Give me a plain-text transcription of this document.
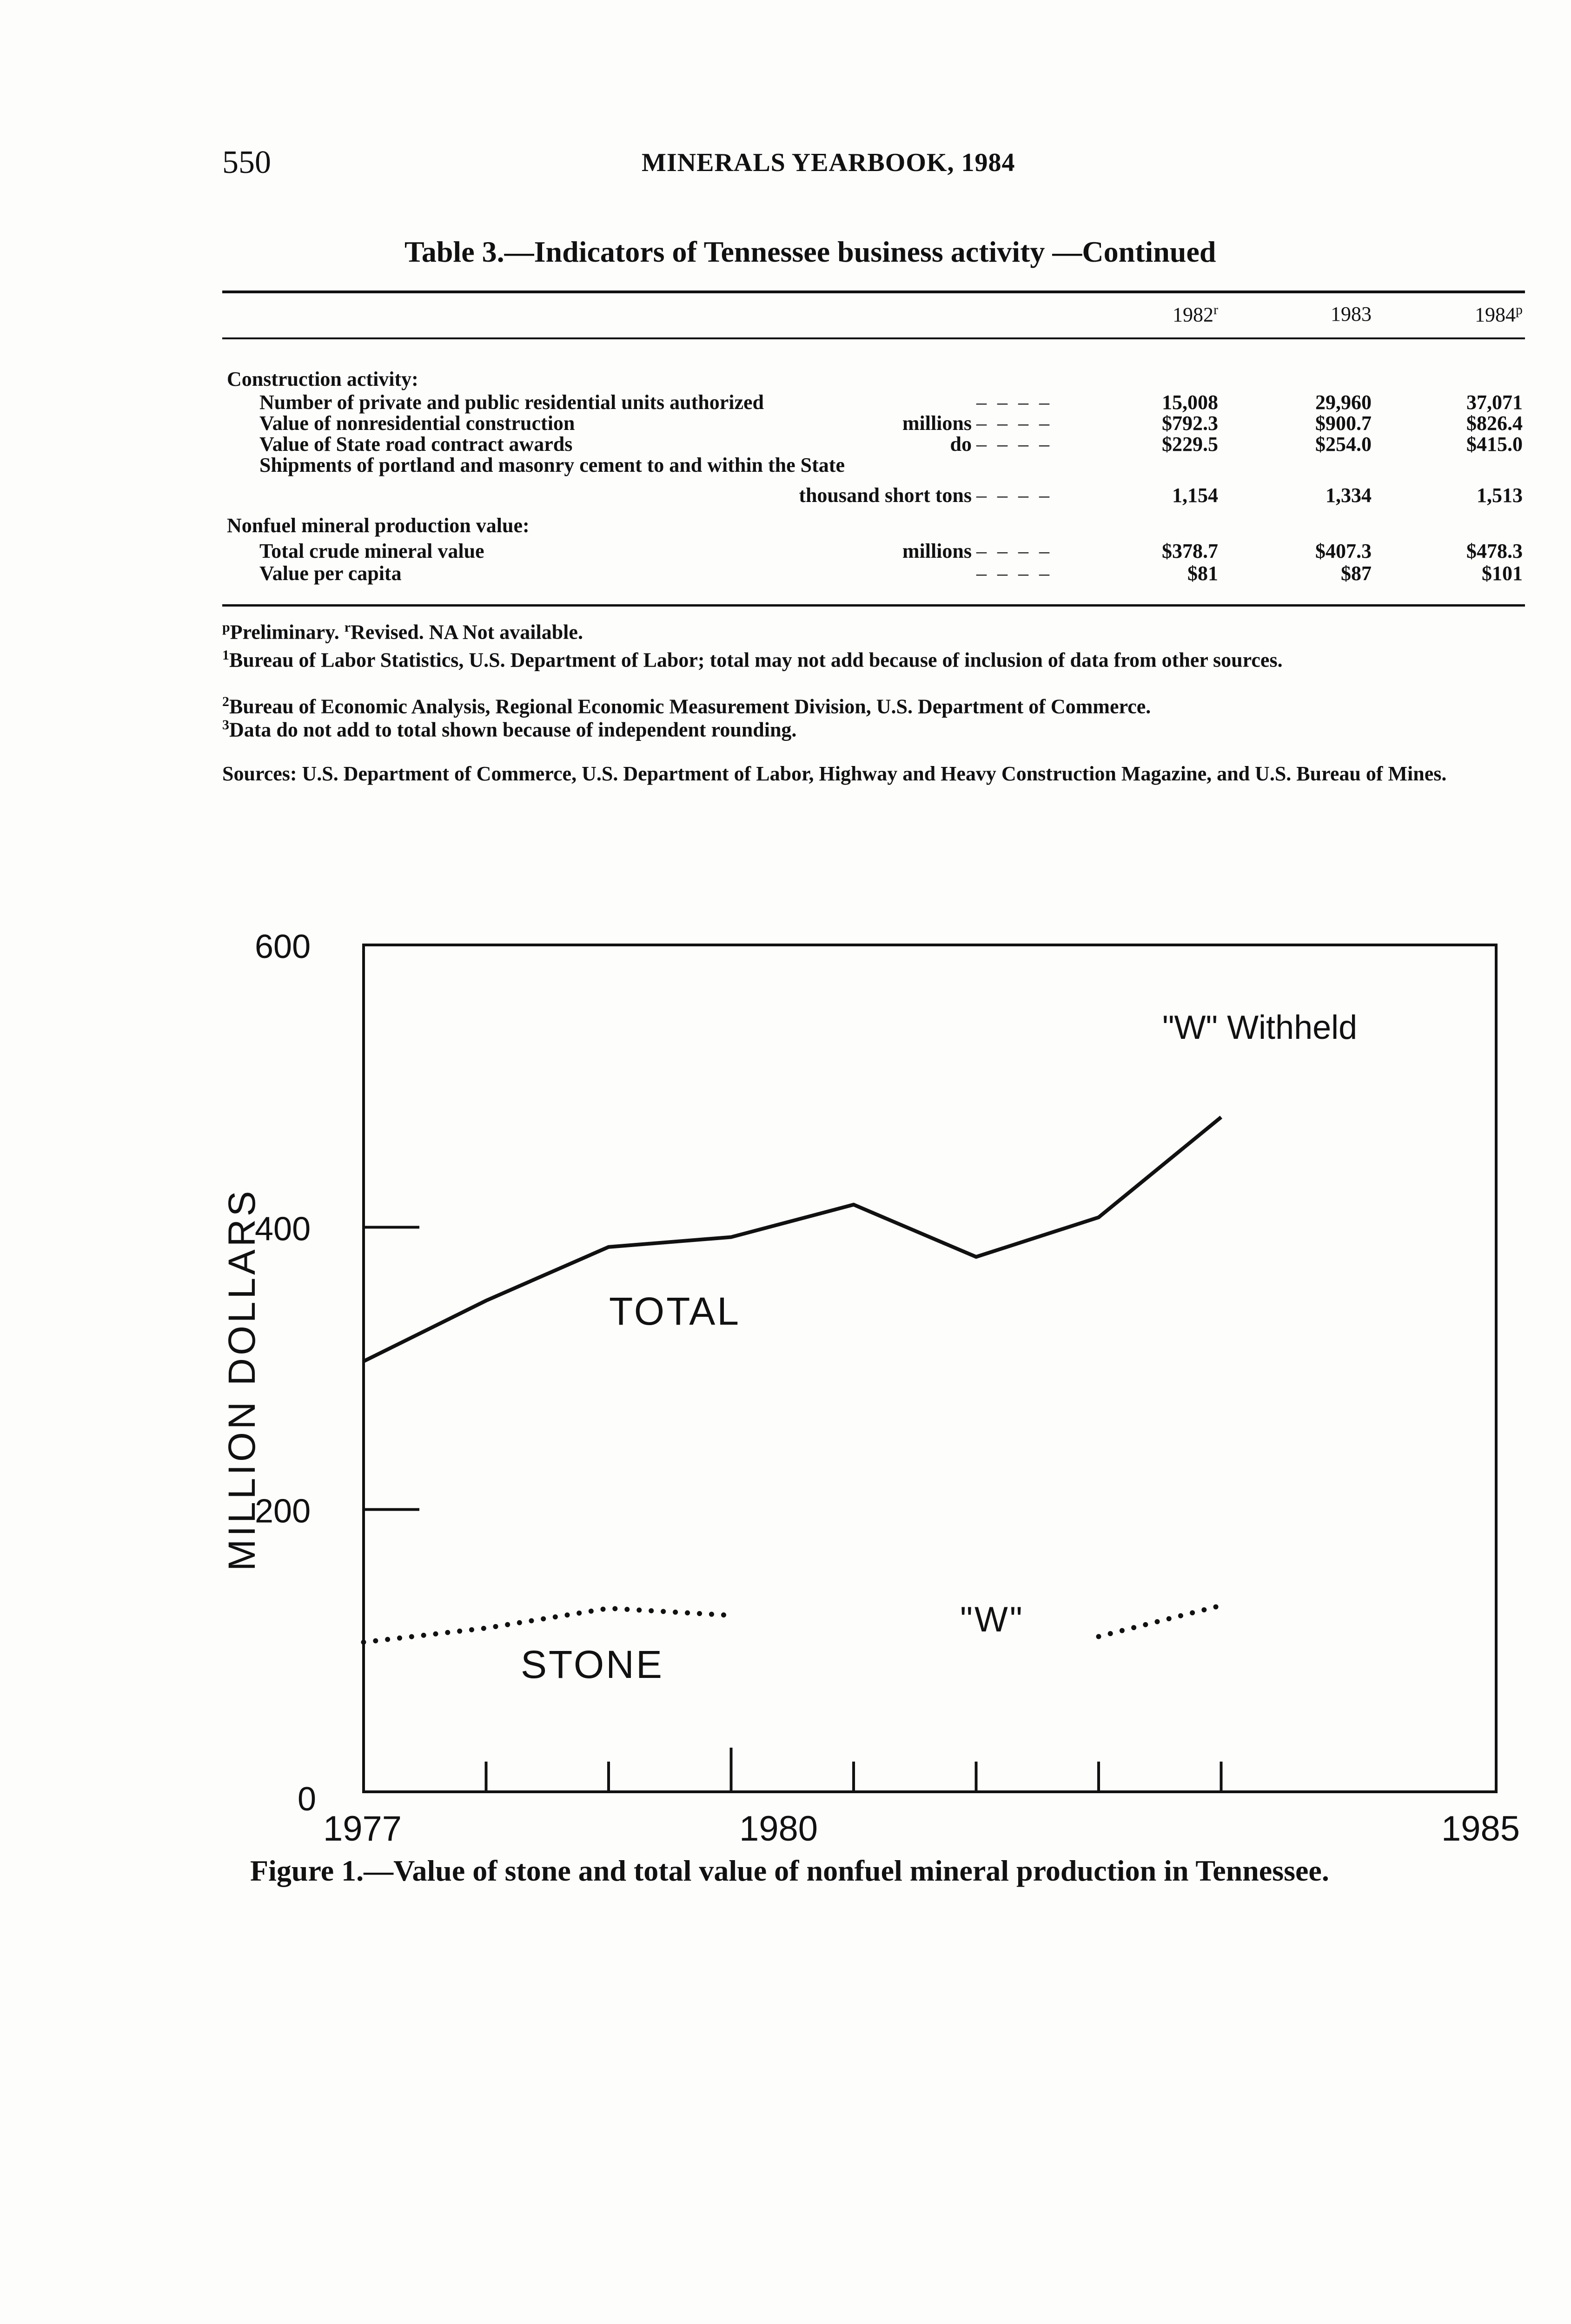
550	MINERALS YEARBOOK, 1984
Table 3.—Indicators of Tennessee business activity —Continued
1982$^r$	1983	1984$^p$
Construction activity:
Number of private and public residential units authorized	– – – –	15,008	29,960	37,071
Value of nonresidential construction	millions – – – –	$792.3	$900.7	$826.4
Value of State road contract awards	do – – – –	$229.5	$254.0	$415.0
Shipments of portland and masonry cement to and within the State
thousand short tons – – – –	1,154	1,334	1,513
Nonfuel mineral production value:
Total crude mineral value	millions – – – –	$378.7	$407.3	$478.3
Value per capita	– – – –	$81	$87	$101
$^p$Preliminary. $^r$Revised. NA Not available.
$^1$Bureau of Labor Statistics, U.S. Department of Labor; total may not add because of inclusion of data from other sources.
$^2$Bureau of Economic Analysis, Regional Economic Measurement Division, U.S. Department of Commerce.
$^3$Data do not add to total shown because of independent rounding.
Sources: U.S. Department of Commerce, U.S. Department of Labor, Highway and Heavy Construction Magazine, and U.S. Bureau of Mines.
0
200
400
600
1977	1980	1985
MILLION DOLLARS	TOTAL
STONE
"W"
"W" Withheld
Figure 1.—Value of stone and total value of nonfuel mineral production in Tennessee.
